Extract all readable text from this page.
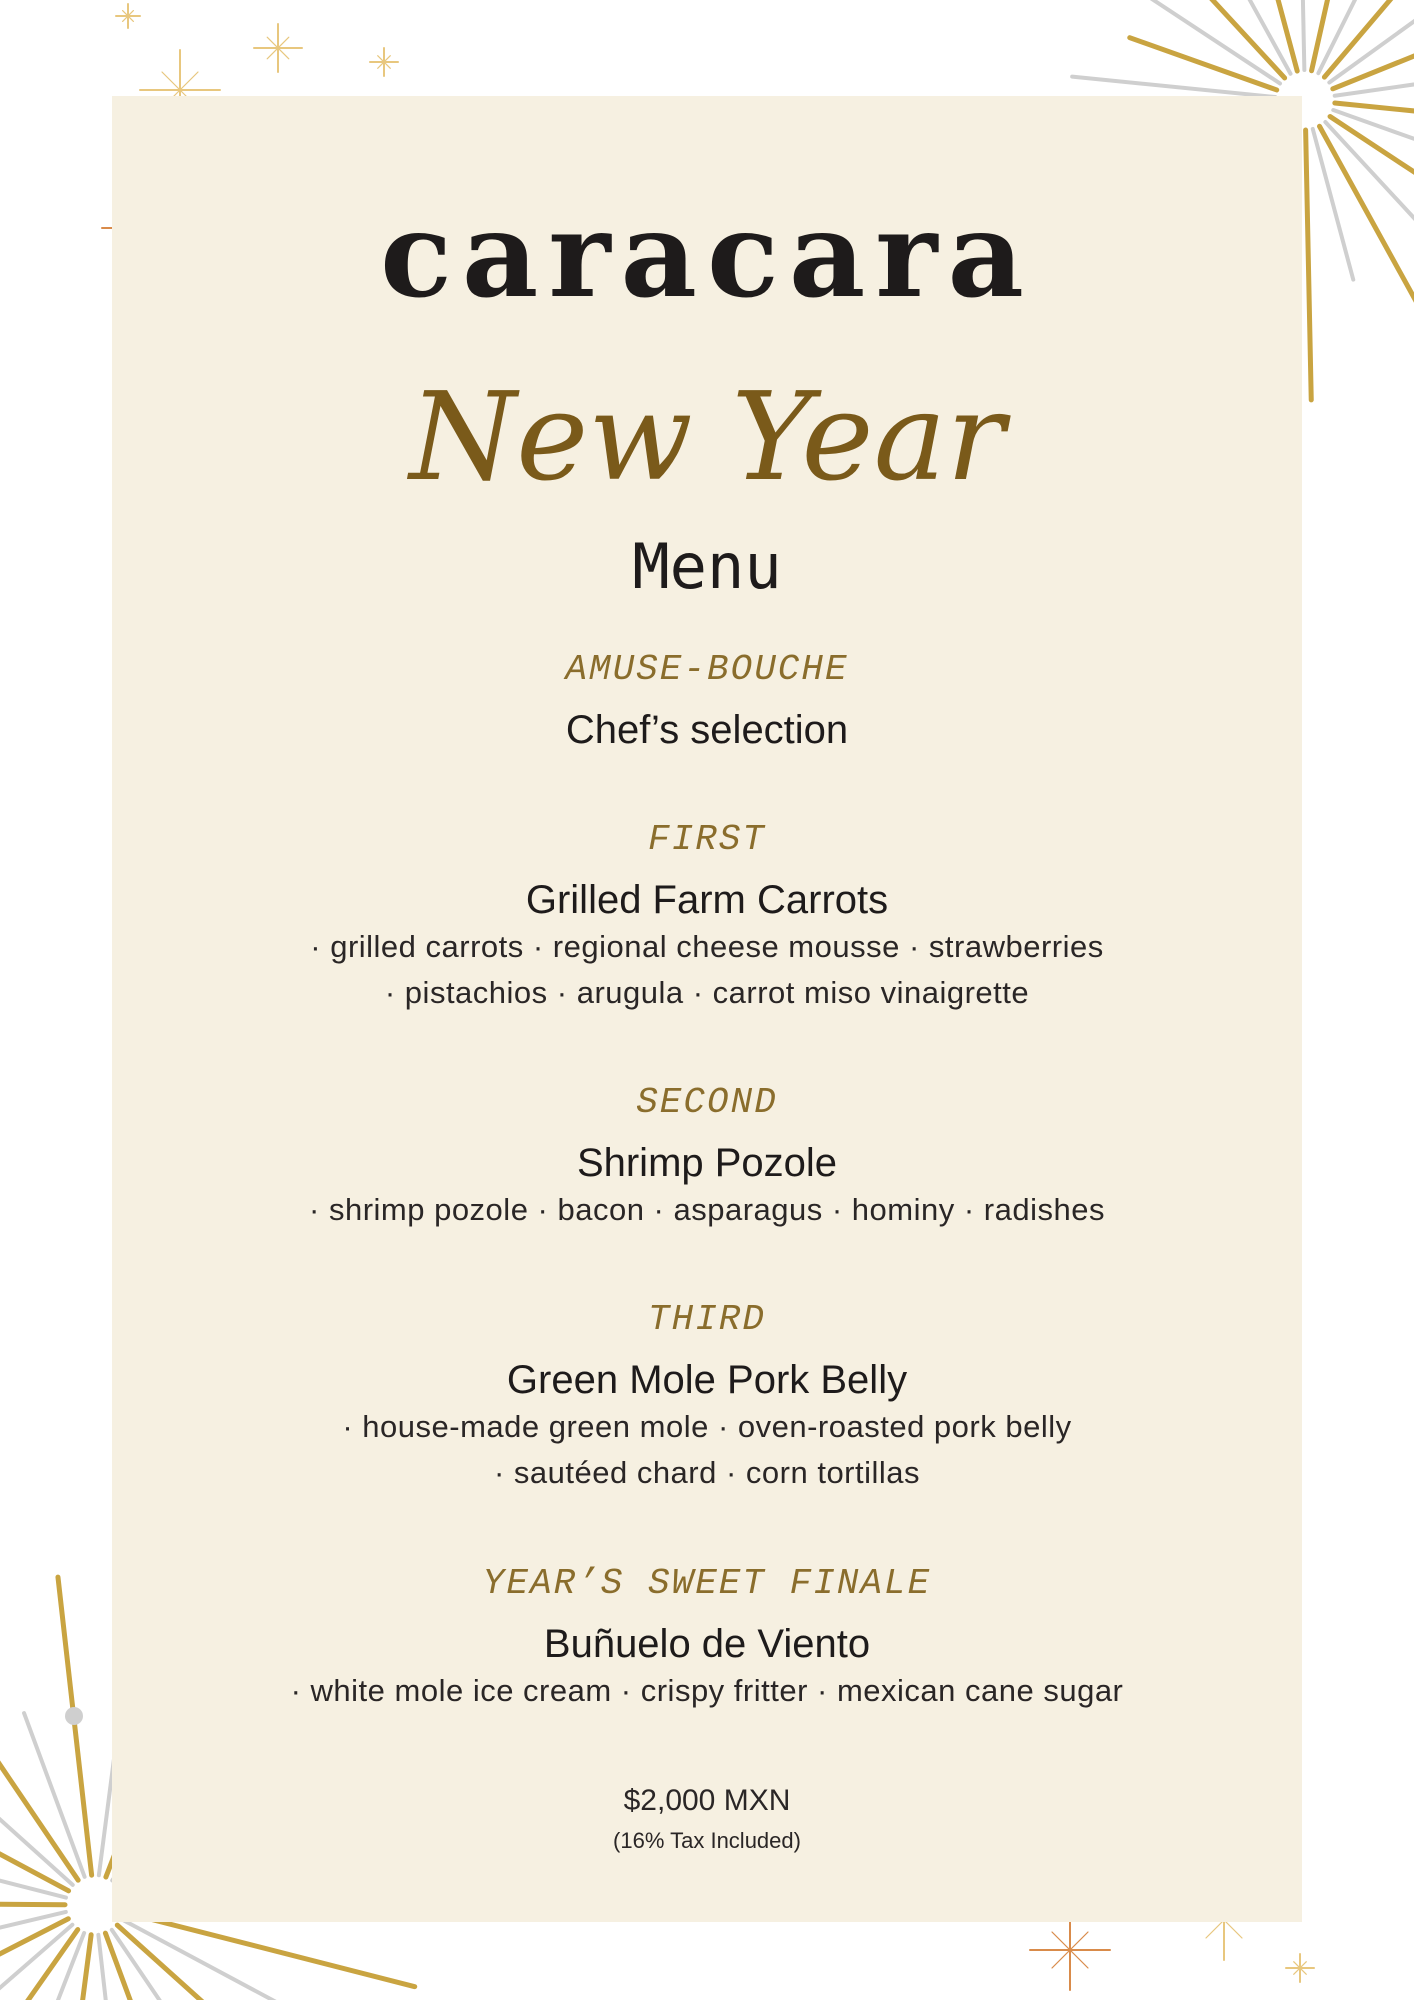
caracara
New Year
Menu
AMUSE-BOUCHE
Chef’s selection
FIRST
Grilled Farm Carrots
· grilled carrots · regional cheese mousse · strawberries
· pistachios · arugula · carrot miso vinaigrette
SECOND
Shrimp Pozole
· shrimp pozole · bacon · asparagus · hominy · radishes
THIRD
Green Mole Pork Belly
· house-made green mole · oven-roasted pork belly
· sautéed chard · corn tortillas
YEAR’S SWEET FINALE
Buñuelo de Viento
· white mole ice cream · crispy fritter · mexican cane sugar
$2,000 MXN
(16% Tax Included)
